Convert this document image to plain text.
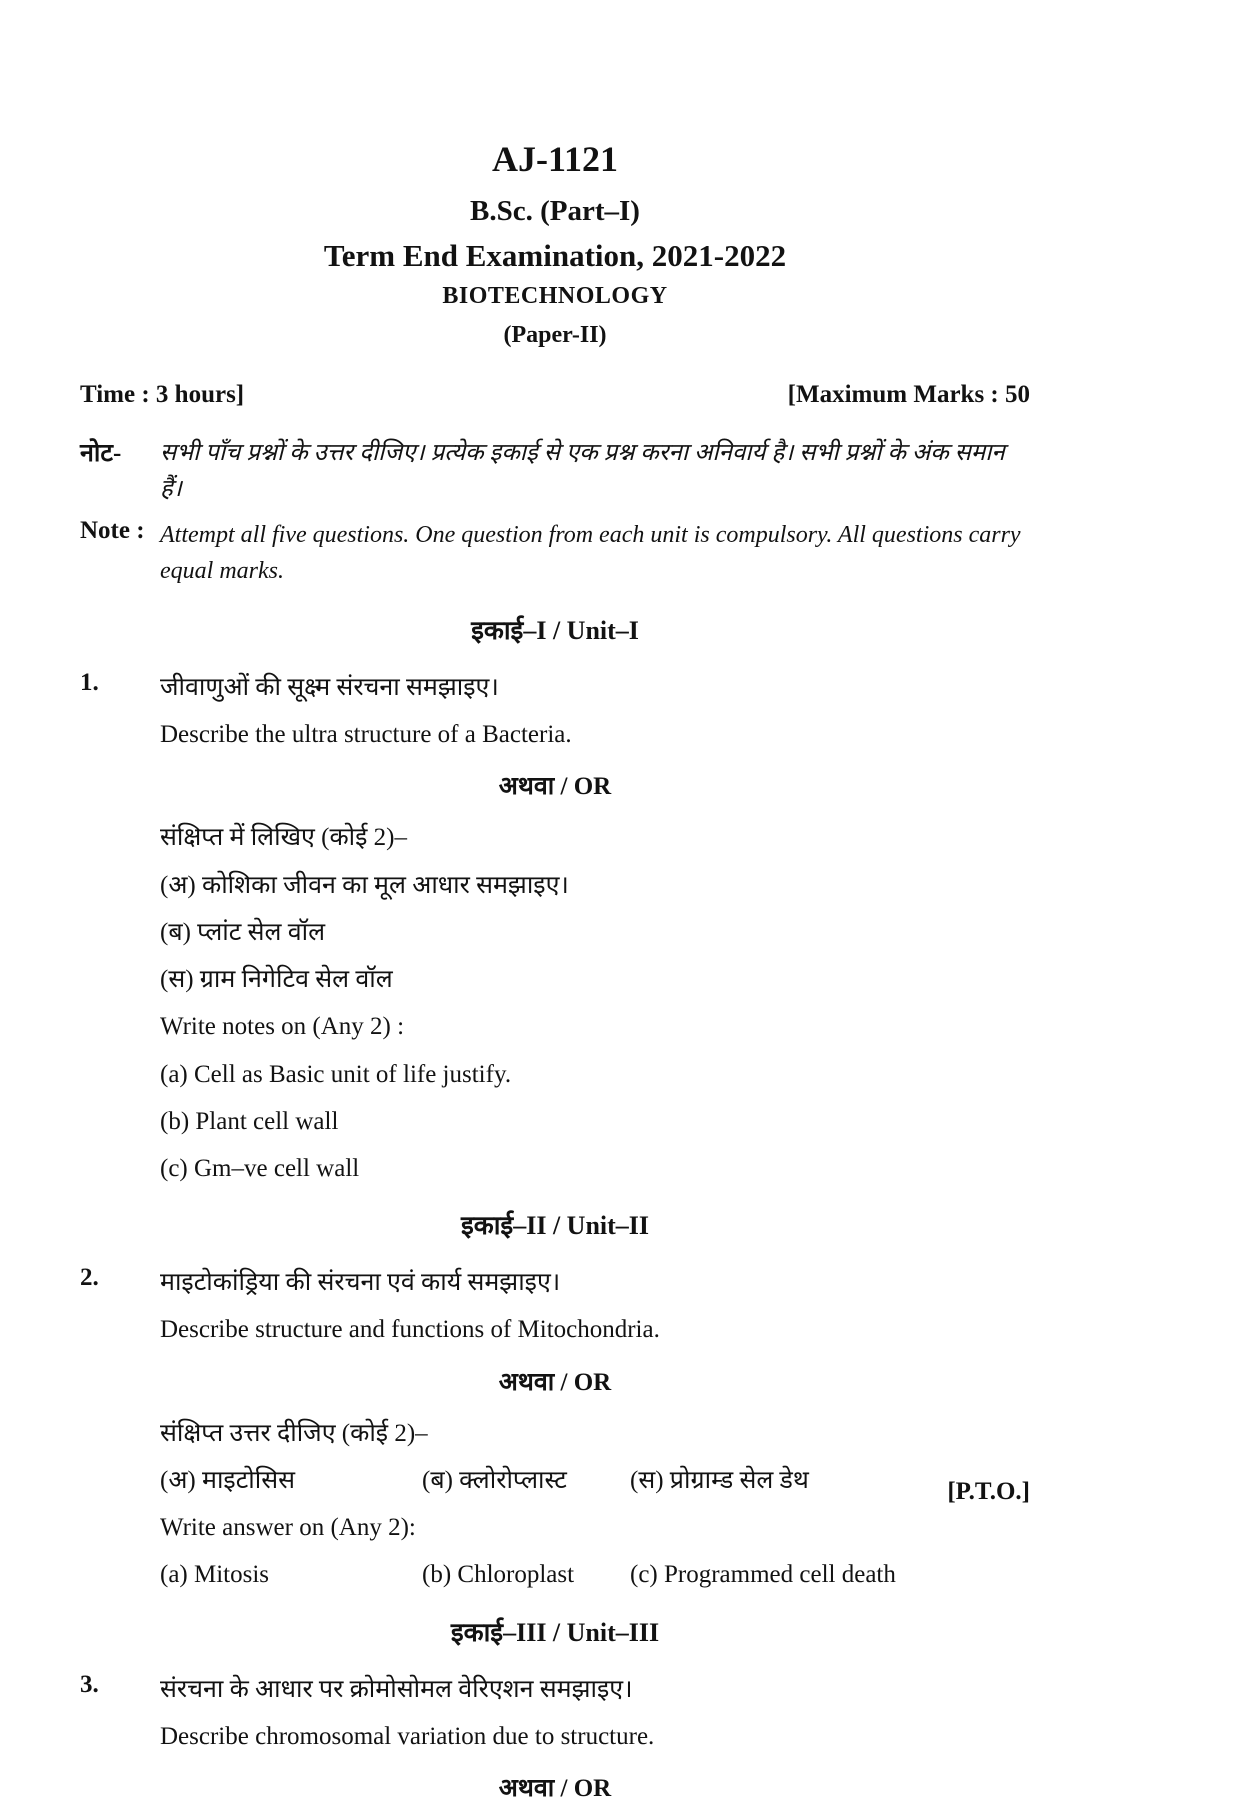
AJ-1121
B.Sc. (Part–I)
Term End Examination, 2021-2022
BIOTECHNOLOGY
(Paper-II)
Time : 3 hours]	[Maximum Marks : 50
नोट-	सभी पाँच प्रश्नों के उत्तर दीजिए। प्रत्येक इकाई से एक प्रश्न करना अनिवार्य है। सभी प्रश्नों के अंक समान हैं।
Note : Attempt all five questions. One question from each unit is compulsory. All questions carry equal marks.
इकाई–I / Unit–I
1.	जीवाणुओं की सूक्ष्म संरचना समझाइए।
Describe the ultra structure of a Bacteria.
अथवा / OR
संक्षिप्त में लिखिए (कोई 2)–
(अ) कोशिका जीवन का मूल आधार समझाइए।
(ब) प्लांट सेल वॉल
(स) ग्राम निगेटिव सेल वॉल
Write notes on (Any 2) :
(a) Cell as Basic unit of life justify.
(b) Plant cell wall
(c) Gm–ve cell wall
इकाई–II / Unit–II
2.	माइटोकांड्रिया की संरचना एवं कार्य समझाइए।
Describe structure and functions of Mitochondria.
अथवा / OR
संक्षिप्त उत्तर दीजिए (कोई 2)–
(अ) माइटोसिस	(ब) क्लोरोप्लास्ट	(स) प्रोग्राम्ड सेल डेथ
Write answer on (Any 2):
(a) Mitosis	(b) Chloroplast	(c) Programmed cell death
इकाई–III / Unit–III
3.	संरचना के आधार पर क्रोमोसोमल वेरिएशन समझाइए।
Describe chromosomal variation due to structure.
अथवा / OR
[P.T.O.]
